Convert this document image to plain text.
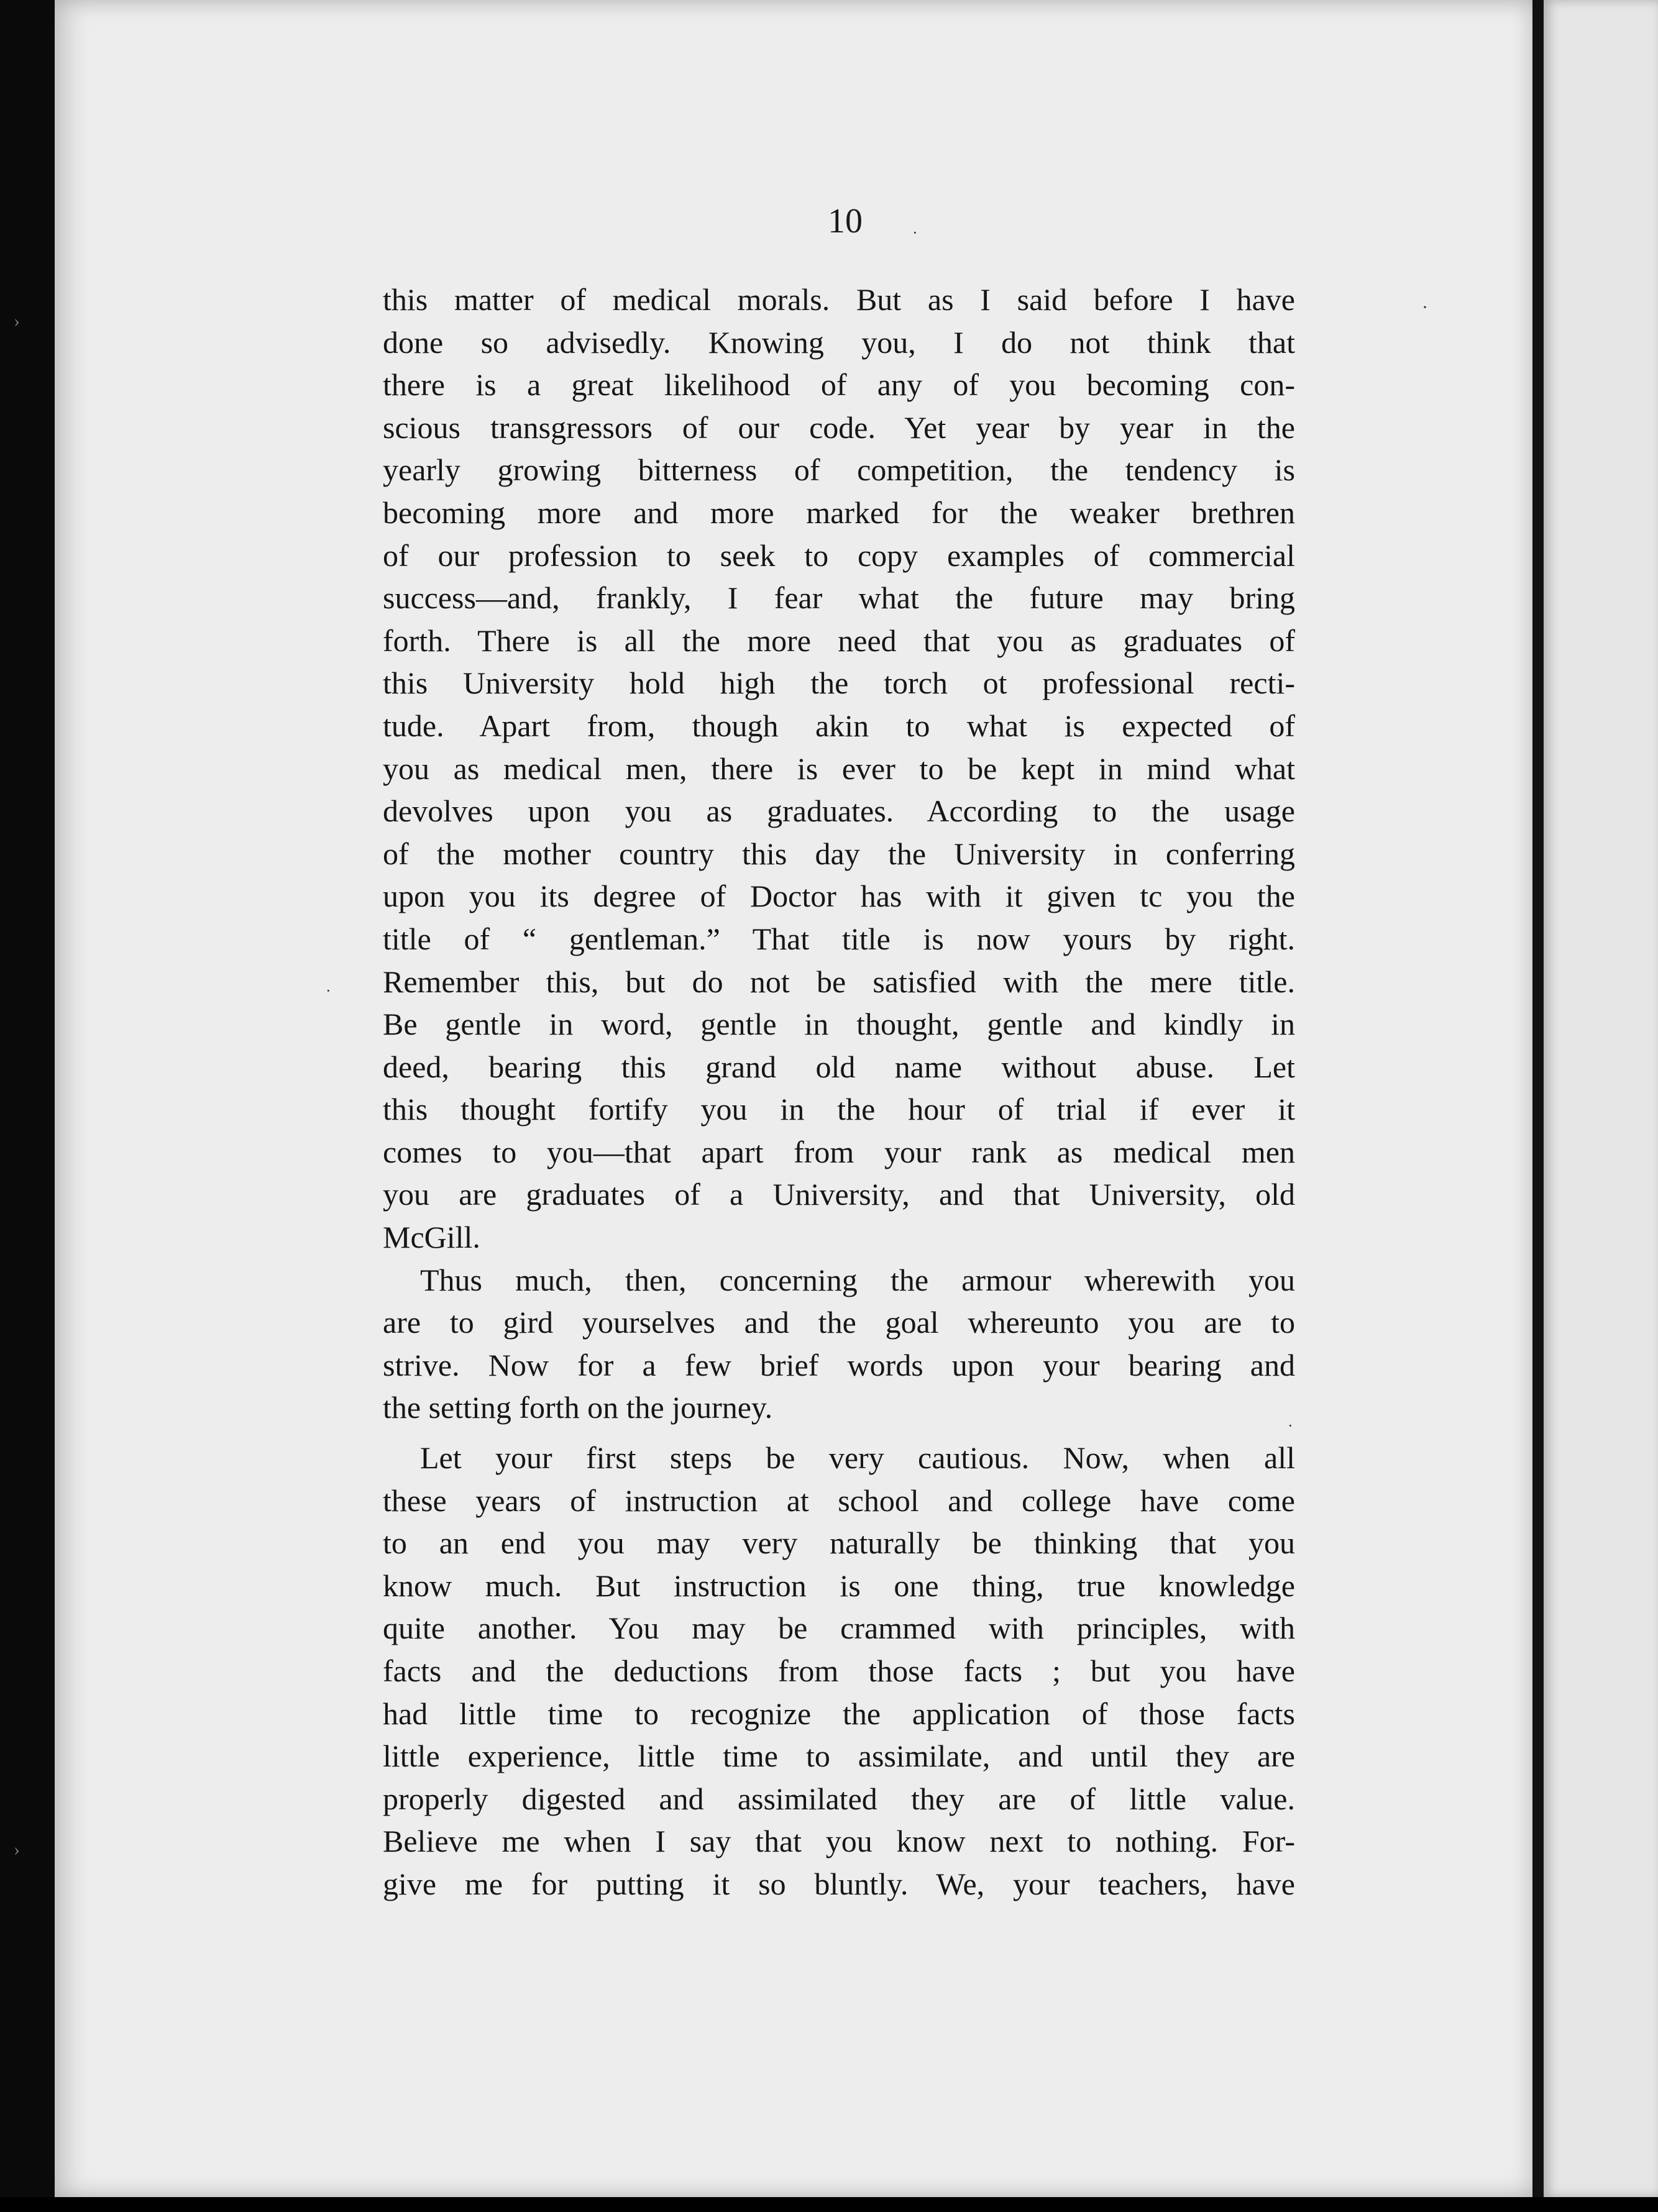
·
·
·
·
›
›
10
this matter of medical morals. But as I said before I have
done so advisedly. Knowing you, I do not think that
there is a great likelihood of any of you becoming con-
scious transgressors of our code. Yet year by year in the
yearly growing bitterness of competition, the tendency is
becoming more and more marked for the weaker brethren
of our profession to seek to copy examples of commercial
success—and, frankly, I fear what the future may bring
forth. There is all the more need that you as graduates of
this University hold high the torch ot professional recti-
tude. Apart from, though akin to what is expected of
you as medical men, there is ever to be kept in mind what
devolves upon you as graduates. According to the usage
of the mother country this day the University in conferring
upon you its degree of Doctor has with it given tc you the
title of “ gentleman.” That title is now yours by right.
Remember this, but do not be satisfied with the mere title.
Be gentle in word, gentle in thought, gentle and kindly in
deed, bearing this grand old name without abuse. Let
this thought fortify you in the hour of trial if ever it
comes to you—that apart from your rank as medical men
you are graduates of a University, and that University, old
McGill.
Thus much, then, concerning the armour wherewith you
are to gird yourselves and the goal whereunto you are to
strive. Now for a few brief words upon your bearing and
the setting forth on the journey.
Let your first steps be very cautious. Now, when all
these years of instruction at school and college have come
to an end you may very naturally be thinking that you
know much. But instruction is one thing, true knowledge
quite another. You may be crammed with principles, with
facts and the deductions from those facts ; but you have
had little time to recognize the application of those facts
little experience, little time to assimilate, and until they are
properly digested and assimilated they are of little value.
Believe me when I say that you know next to nothing. For-
give me for putting it so bluntly. We, your teachers, have
